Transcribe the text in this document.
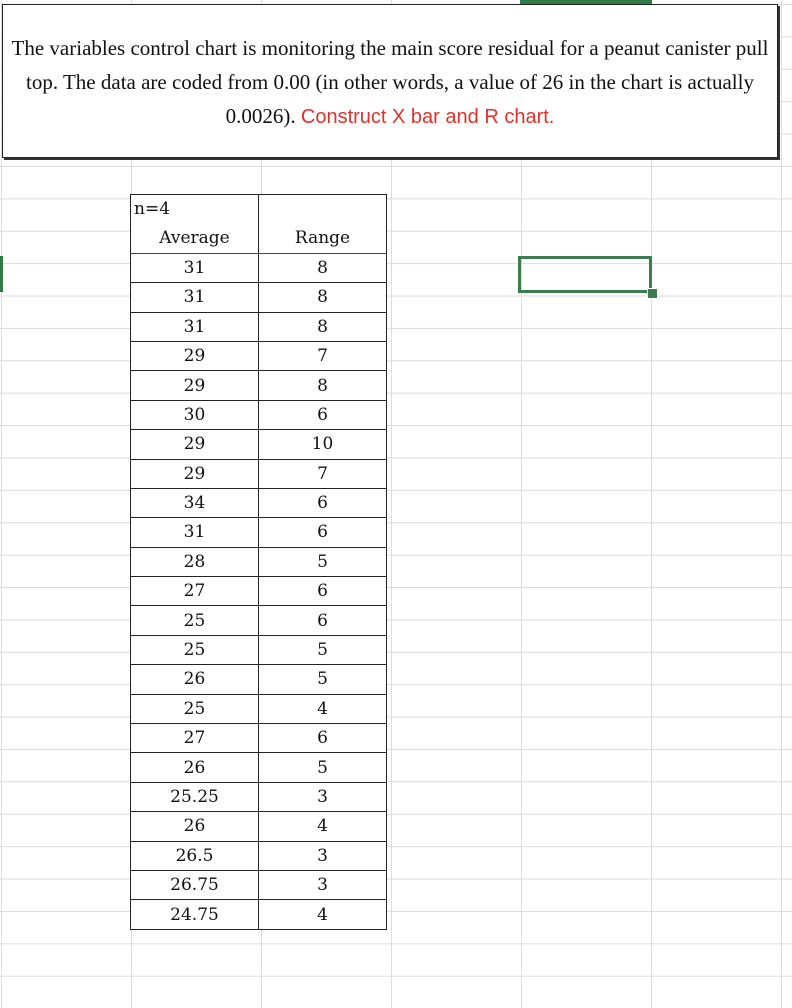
The variables control chart is monitoring the main score residual for a peanut canister pull top. The data are coded from 0.00 (in other words, a value of 26 in the chart is actually 0.0026). Construct X bar and R chart.
n=4	
Average	Range
31	8
31	8
31	8
29	7
29	8
30	6
29	10
29	7
34	6
31	6
28	5
27	6
25	6
25	5
26	5
25	4
27	6
26	5
25.25	3
26	4
26.5	3
26.75	3
24.75	4
